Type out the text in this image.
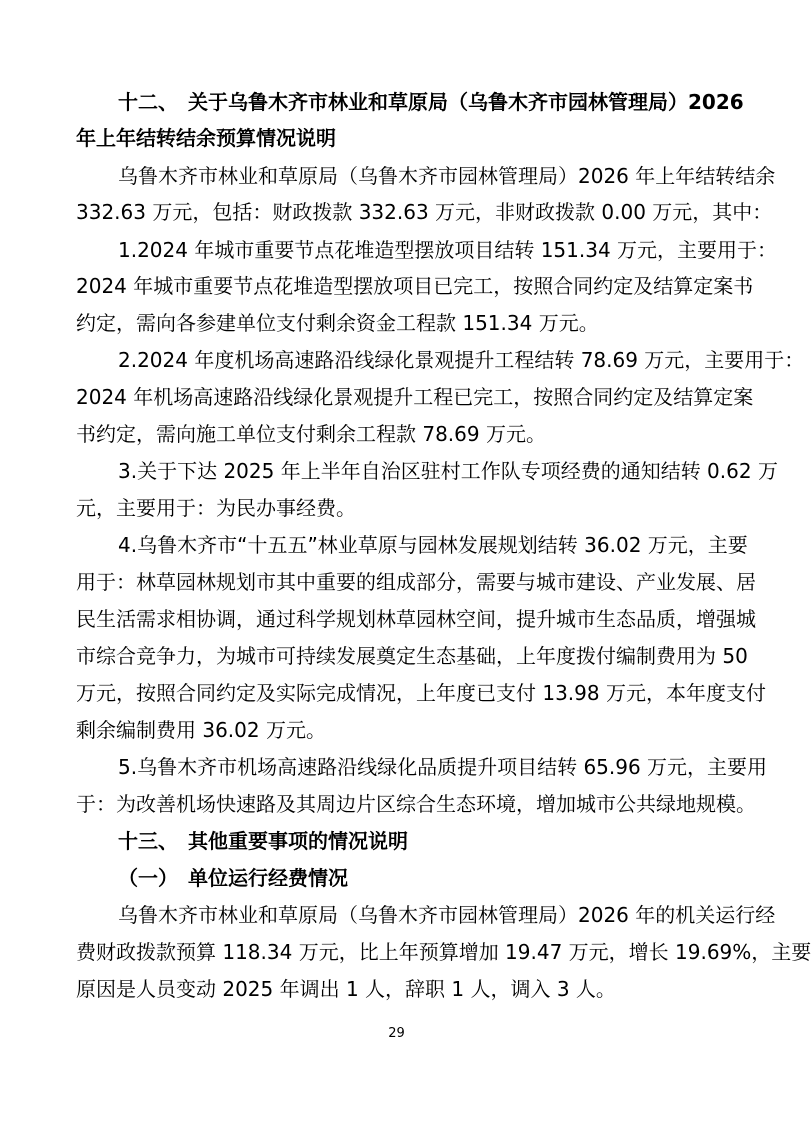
十二、　关于乌鲁木齐市林业和草原局（乌鲁木齐市园林管理局）2026
年上年结转结余预算情况说明
乌鲁木齐市林业和草原局（乌鲁木齐市园林管理局）2026 年上年结转结余
332.63 万元，包括：财政拨款 332.63 万元，非财政拨款 0.00 万元，其中：
1.2024 年城市重要节点花堆造型摆放项目结转 151.34 万元，主要用于：
2024 年城市重要节点花堆造型摆放项目已完工，按照合同约定及结算定案书
约定，需向各参建单位支付剩余资金工程款 151.34 万元。
2.2024 年度机场高速路沿线绿化景观提升工程结转 78.69 万元，主要用于：
2024 年机场高速路沿线绿化景观提升工程已完工，按照合同约定及结算定案
书约定，需向施工单位支付剩余工程款 78.69 万元。
3.关于下达 2025 年上半年自治区驻村工作队专项经费的通知结转 0.62 万
元，主要用于：为民办事经费。
4.乌鲁木齐市“十五五”林业草原与园林发展规划结转 36.02 万元，主要
用于：林草园林规划市其中重要的组成部分，需要与城市建设、产业发展、居
民生活需求相协调，通过科学规划林草园林空间，提升城市生态品质，增强城
市综合竞争力，为城市可持续发展奠定生态基础，上年度拨付编制费用为 50
万元，按照合同约定及实际完成情况，上年度已支付 13.98 万元，本年度支付
剩余编制费用 36.02 万元。
5.乌鲁木齐市机场高速路沿线绿化品质提升项目结转 65.96 万元，主要用
于：为改善机场快速路及其周边片区综合生态环境，增加城市公共绿地规模。
十三、　其他重要事项的情况说明
（一）　单位运行经费情况
乌鲁木齐市林业和草原局（乌鲁木齐市园林管理局）2026 年的机关运行经
费财政拨款预算 118.34 万元，比上年预算增加 19.47 万元，增长 19.69%，主要
原因是人员变动 2025 年调出 1 人，辞职 1 人，调入 3 人。
29
